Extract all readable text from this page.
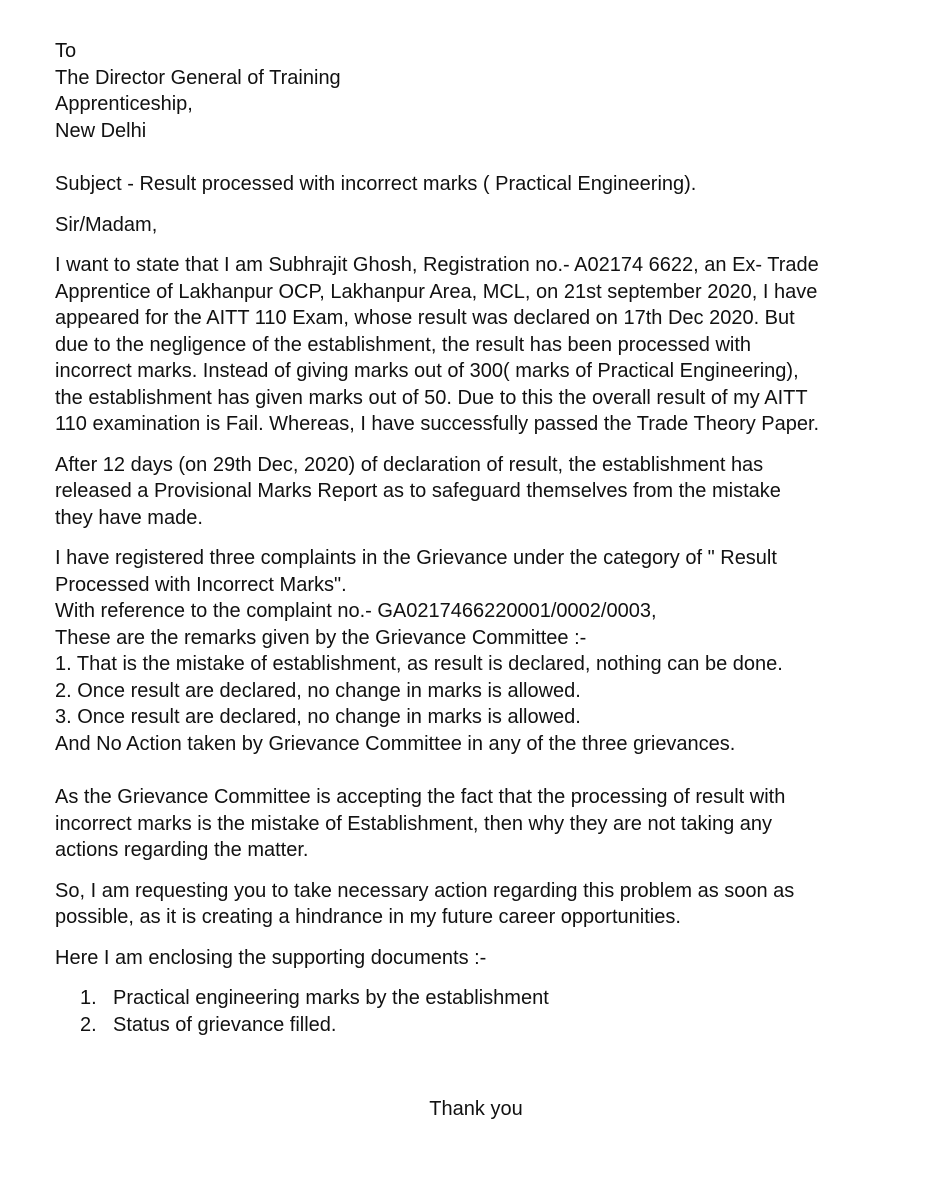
To
The Director General of Training
Apprenticeship,
New Delhi
Subject - Result processed with incorrect marks ( Practical Engineering).
Sir/Madam,
I want to state that I am Subhrajit Ghosh, Registration no.- A02174 6622, an Ex- Trade
Apprentice of Lakhanpur OCP, Lakhanpur Area, MCL, on 21st september 2020, I have
appeared for the AITT 110 Exam, whose result was declared on 17th Dec 2020. But
due to the negligence of the establishment, the result has been processed with
incorrect marks. Instead of giving marks out of 300( marks of Practical Engineering),
the establishment has given marks out of 50. Due to this the overall result of my AITT
110 examination is Fail. Whereas, I have successfully passed the Trade Theory Paper.
After 12 days (on 29th Dec, 2020) of declaration of result, the establishment has
released a Provisional Marks Report as to safeguard themselves from the mistake
they have made.
I have registered three complaints in the Grievance under the category of " Result
Processed with Incorrect Marks".
With reference to the complaint no.- GA0217466220001/0002/0003,
These are the remarks given by the Grievance Committee :-
1. That is the mistake of establishment, as result is declared, nothing can be done.
2. Once result are declared, no change in marks is allowed.
3. Once result are declared, no change in marks is allowed.
And No Action taken by Grievance Committee in any of the three grievances.
As the Grievance Committee is accepting the fact that the processing of result with
incorrect marks is the mistake of Establishment, then why they are not taking any
actions regarding the matter.
So, I am requesting you to take necessary action regarding this problem as soon as
possible, as it is creating a hindrance in my future career opportunities.
Here I am enclosing the supporting documents :-
1. Practical engineering marks by the establishment
2. Status of grievance filled.
Thank you
